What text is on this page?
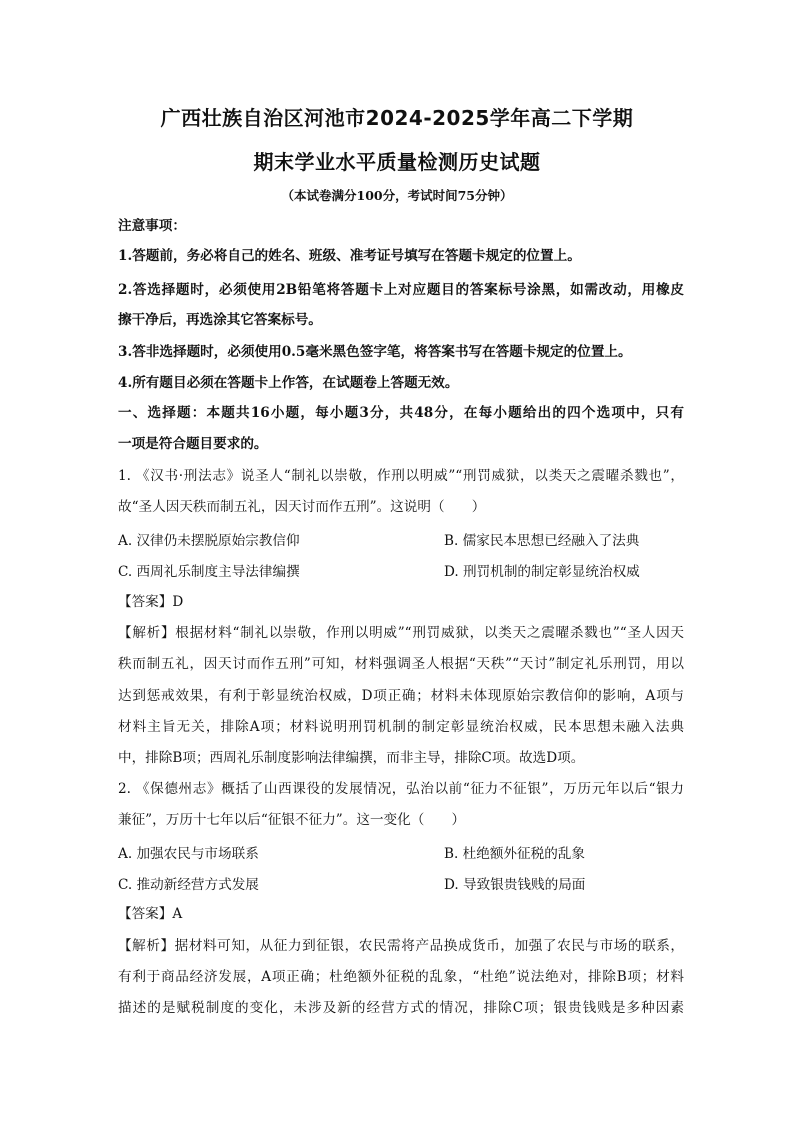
广西壮族自治区河池市2024-2025学年高二下学期
期末学业水平质量检测历史试题
（本试卷满分100分，考试时间75分钟）
注意事项：
1.答题前，务必将自己的姓名、班级、准考证号填写在答题卡规定的位置上。
2.答选择题时，必须使用2B铅笔将答题卡上对应题目的答案标号涂黑，如需改动，用橡皮
擦干净后，再选涂其它答案标号。
3.答非选择题时，必须使用0.5毫米黑色签字笔，将答案书写在答题卡规定的位置上。
4.所有题目必须在答题卡上作答，在试题卷上答题无效。
一、选择题：本题共16小题，每小题3分，共48分，在每小题给出的四个选项中，只有
一项是符合题目要求的。
1. 《汉书·刑法志》说圣人“制礼以崇敬，作刑以明威”“刑罚威狱，以类天之震曜杀戮也”，
故“圣人因天秩而制五礼，因天讨而作五刑”。这说明（　　）
A. 汉律仍未摆脱原始宗教信仰	B. 儒家民本思想已经融入了法典
C. 西周礼乐制度主导法律编撰	D. 刑罚机制的制定彰显统治权威
【答案】D
【解析】根据材料“制礼以崇敬，作刑以明威”“刑罚威狱，以类天之震曜杀戮也”“圣人因天
秩而制五礼，因天讨而作五刑”可知，材料强调圣人根据“天秩”“天讨”制定礼乐刑罚，用以
达到惩戒效果，有利于彰显统治权威，D项正确；材料未体现原始宗教信仰的影响，A项与
材料主旨无关，排除A项；材料说明刑罚机制的制定彰显统治权威，民本思想未融入法典
中，排除B项；西周礼乐制度影响法律编撰，而非主导，排除C项。故选D项。
2. 《保德州志》概括了山西课役的发展情况，弘治以前“征力不征银”，万历元年以后“银力
兼征”，万历十七年以后“征银不征力”。这一变化（　　）
A. 加强农民与市场联系	B. 杜绝额外征税的乱象
C. 推动新经营方式发展	D. 导致银贵钱贱的局面
【答案】A
【解析】据材料可知，从征力到征银，农民需将产品换成货币，加强了农民与市场的联系，
有利于商品经济发展，A项正确；杜绝额外征税的乱象，“杜绝”说法绝对，排除B项；材料
描述的是赋税制度的变化，未涉及新的经营方式的情况，排除C项；银贵钱贱是多种因素
